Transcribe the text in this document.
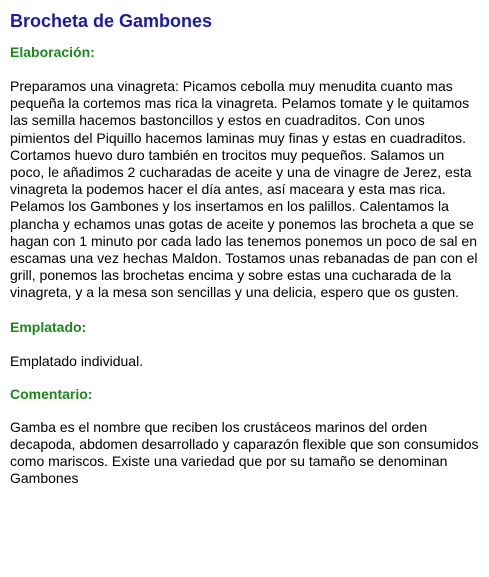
Brocheta de Gambones
Elaboración:

Preparamos una vinagreta: Picamos cebolla muy menudita cuanto mas pequeña la cortemos mas rica la vinagreta. Pelamos tomate y le quitamos las semilla hacemos bastoncillos y estos en cuadraditos. Con unos pimientos del Piquillo hacemos laminas muy finas y estas en cuadraditos. Cortamos huevo duro también en trocitos muy pequeños. Salamos un poco, le añadimos 2 cucharadas de aceite y una de vinagre de Jerez, esta vinagreta la podemos hacer el día antes, así maceara y esta mas rica. Pelamos los Gambones y los insertamos en los palillos. Calentamos la plancha y echamos unas gotas de aceite y ponemos las brocheta a que se hagan con 1 minuto por cada lado las tenemos ponemos un poco de sal en escamas una vez hechas Maldon. Tostamos unas rebanadas de pan con el grill, ponemos las brochetas encima y sobre estas una cucharada de la vinagreta, y a la mesa son sencillas y una delicia, espero que os gusten.

Emplatado:

Emplatado individual.

Comentario:

Gamba es el nombre que reciben los crustáceos marinos del orden decapoda, abdomen desarrollado y caparazón flexible que son consumidos como mariscos. Existe una variedad que por su tamaño se denominan Gambones
